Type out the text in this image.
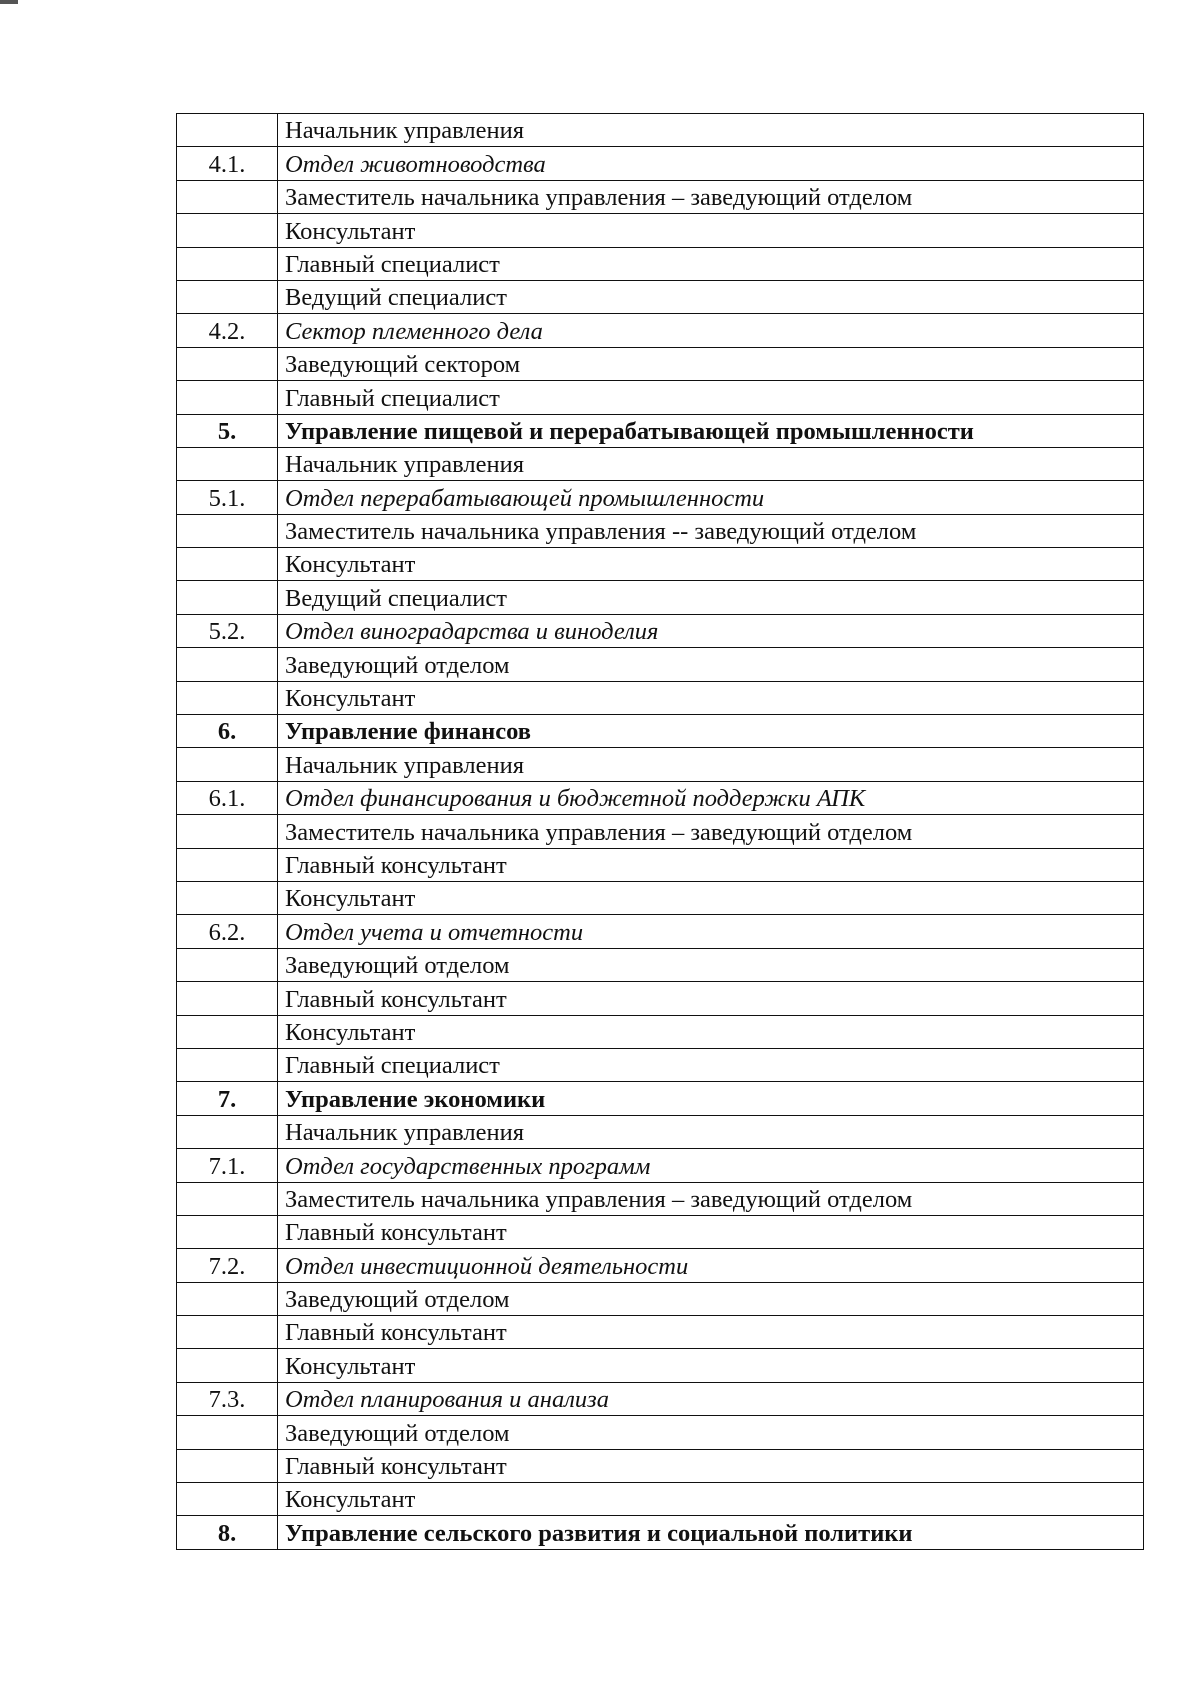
	Начальник управления
4.1.	Отдел животноводства
	Заместитель начальника управления – заведующий отделом
	Консультант
	Главный специалист
	Ведущий специалист
4.2.	Сектор племенного дела
	Заведующий сектором
	Главный специалист
5.	Управление пищевой и перерабатывающей промышленности
	Начальник управления
5.1.	Отдел перерабатывающей промышленности
	Заместитель начальника управления -- заведующий отделом
	Консультант
	Ведущий специалист
5.2.	Отдел виноградарства и виноделия
	Заведующий отделом
	Консультант
6.	Управление финансов
	Начальник управления
6.1.	Отдел финансирования и бюджетной поддержки АПК
	Заместитель начальника управления – заведующий отделом
	Главный консультант
	Консультант
6.2.	Отдел учета и отчетности
	Заведующий отделом
	Главный консультант
	Консультант
	Главный специалист
7.	Управление экономики
	Начальник управления
7.1.	Отдел государственных программ
	Заместитель начальника управления – заведующий отделом
	Главный консультант
7.2.	Отдел инвестиционной деятельности
	Заведующий отделом
	Главный консультант
	Консультант
7.3.	Отдел планирования и анализа
	Заведующий отделом
	Главный консультант
	Консультант
8.	Управление сельского развития и социальной политики
